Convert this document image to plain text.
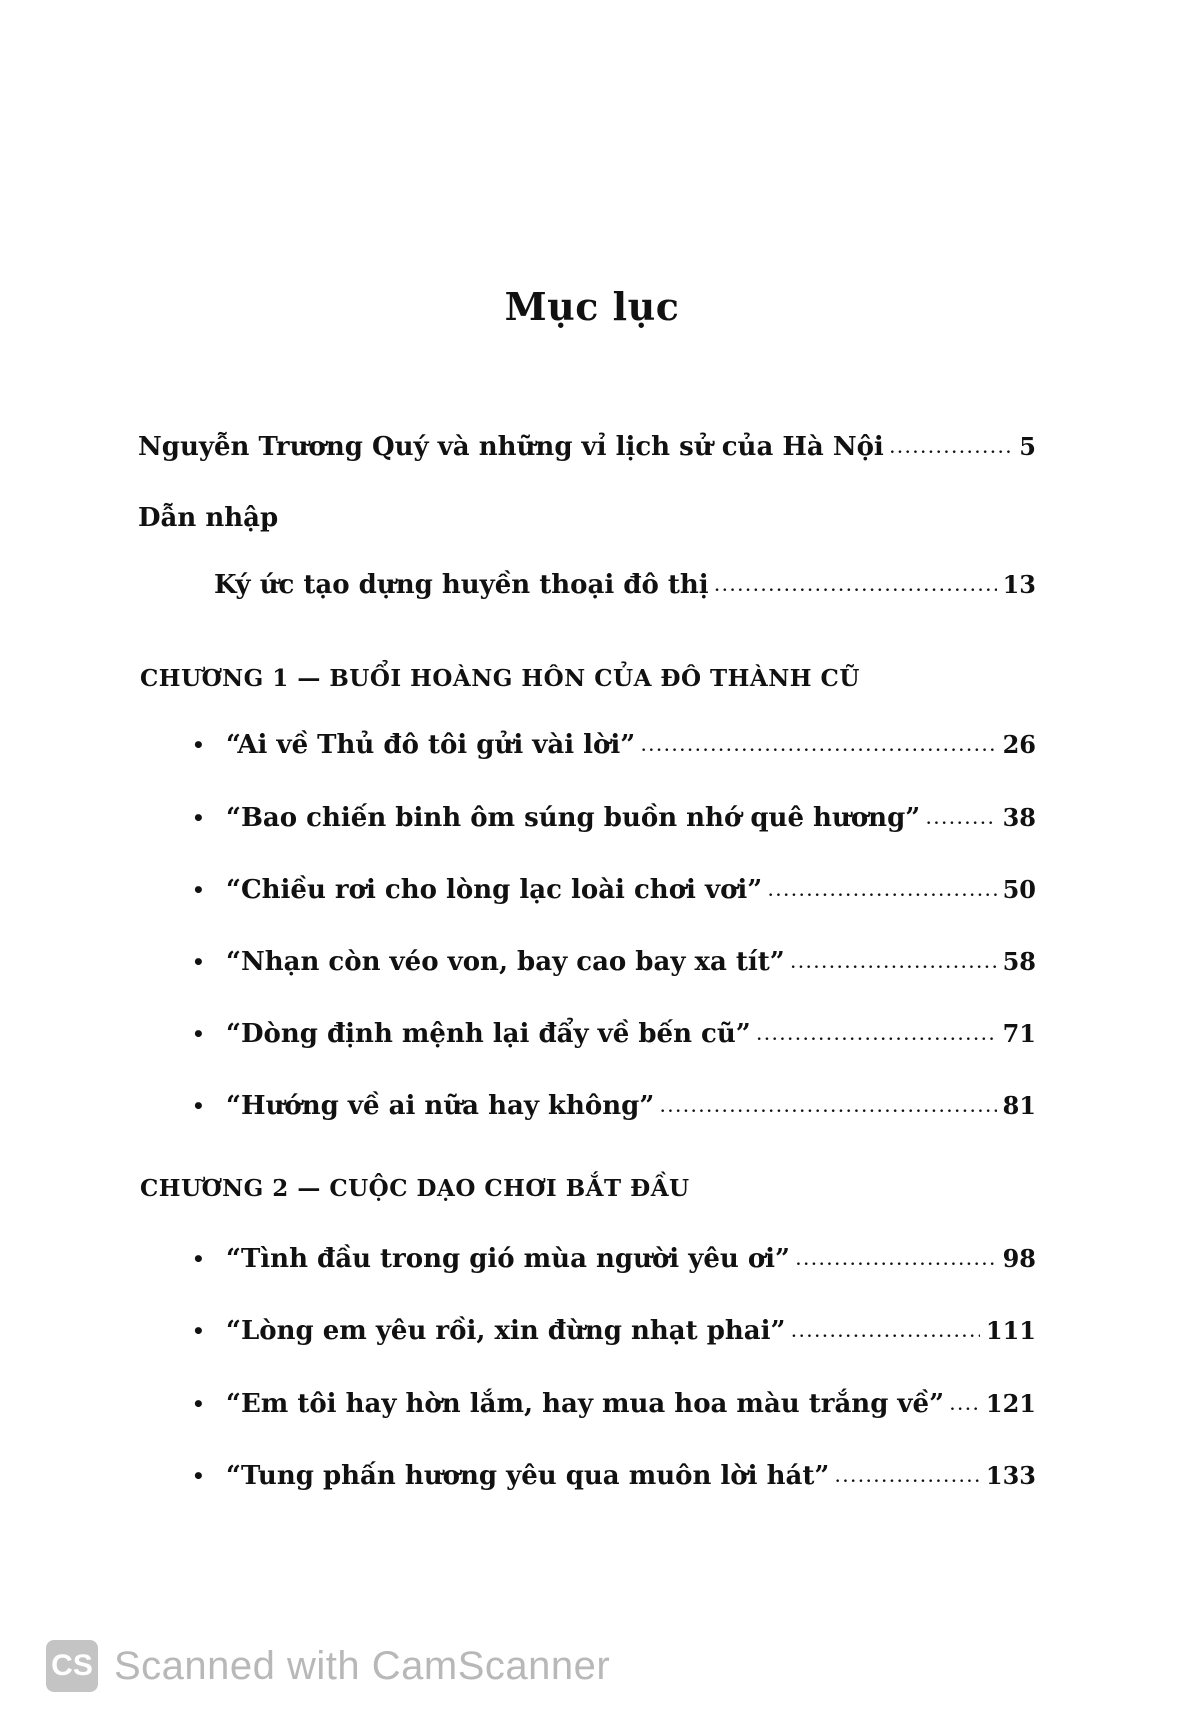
Mục lục
Nguyễn Trương Quý và những vỉ lịch sử của Hà Nội . . .	5
Dẫn nhập
Ký ức tạo dựng huyền thoại đô thị . . .	13
CHƯƠNG 1 — BUỔI HOÀNG HÔN CỦA ĐÔ THÀNH CŨ
• “Ai về Thủ đô tôi gửi vài lời” . . .	26
• “Bao chiến binh ôm súng buồn nhớ quê hương” . . .	38
• “Chiều rơi cho lòng lạc loài chơi vơi” . . .	50
• “Nhạn còn véo von, bay cao bay xa tít” . . .	58
• “Dòng định mệnh lại đẩy về bến cũ” . . .	71
• “Hướng về ai nữa hay không” . . .	81
CHƯƠNG 2 — CUỘC DẠO CHƠI BẮT ĐẦU
• “Tình đầu trong gió mùa người yêu ơi” . . .	98
• “Lòng em yêu rồi, xin đừng nhạt phai” . . .	111
• “Em tôi hay hờn lắm, hay mua hoa màu trắng về” . . . 121
• “Tung phấn hương yêu qua muôn lời hát” . . .	133
CS Scanned with CamScanner
